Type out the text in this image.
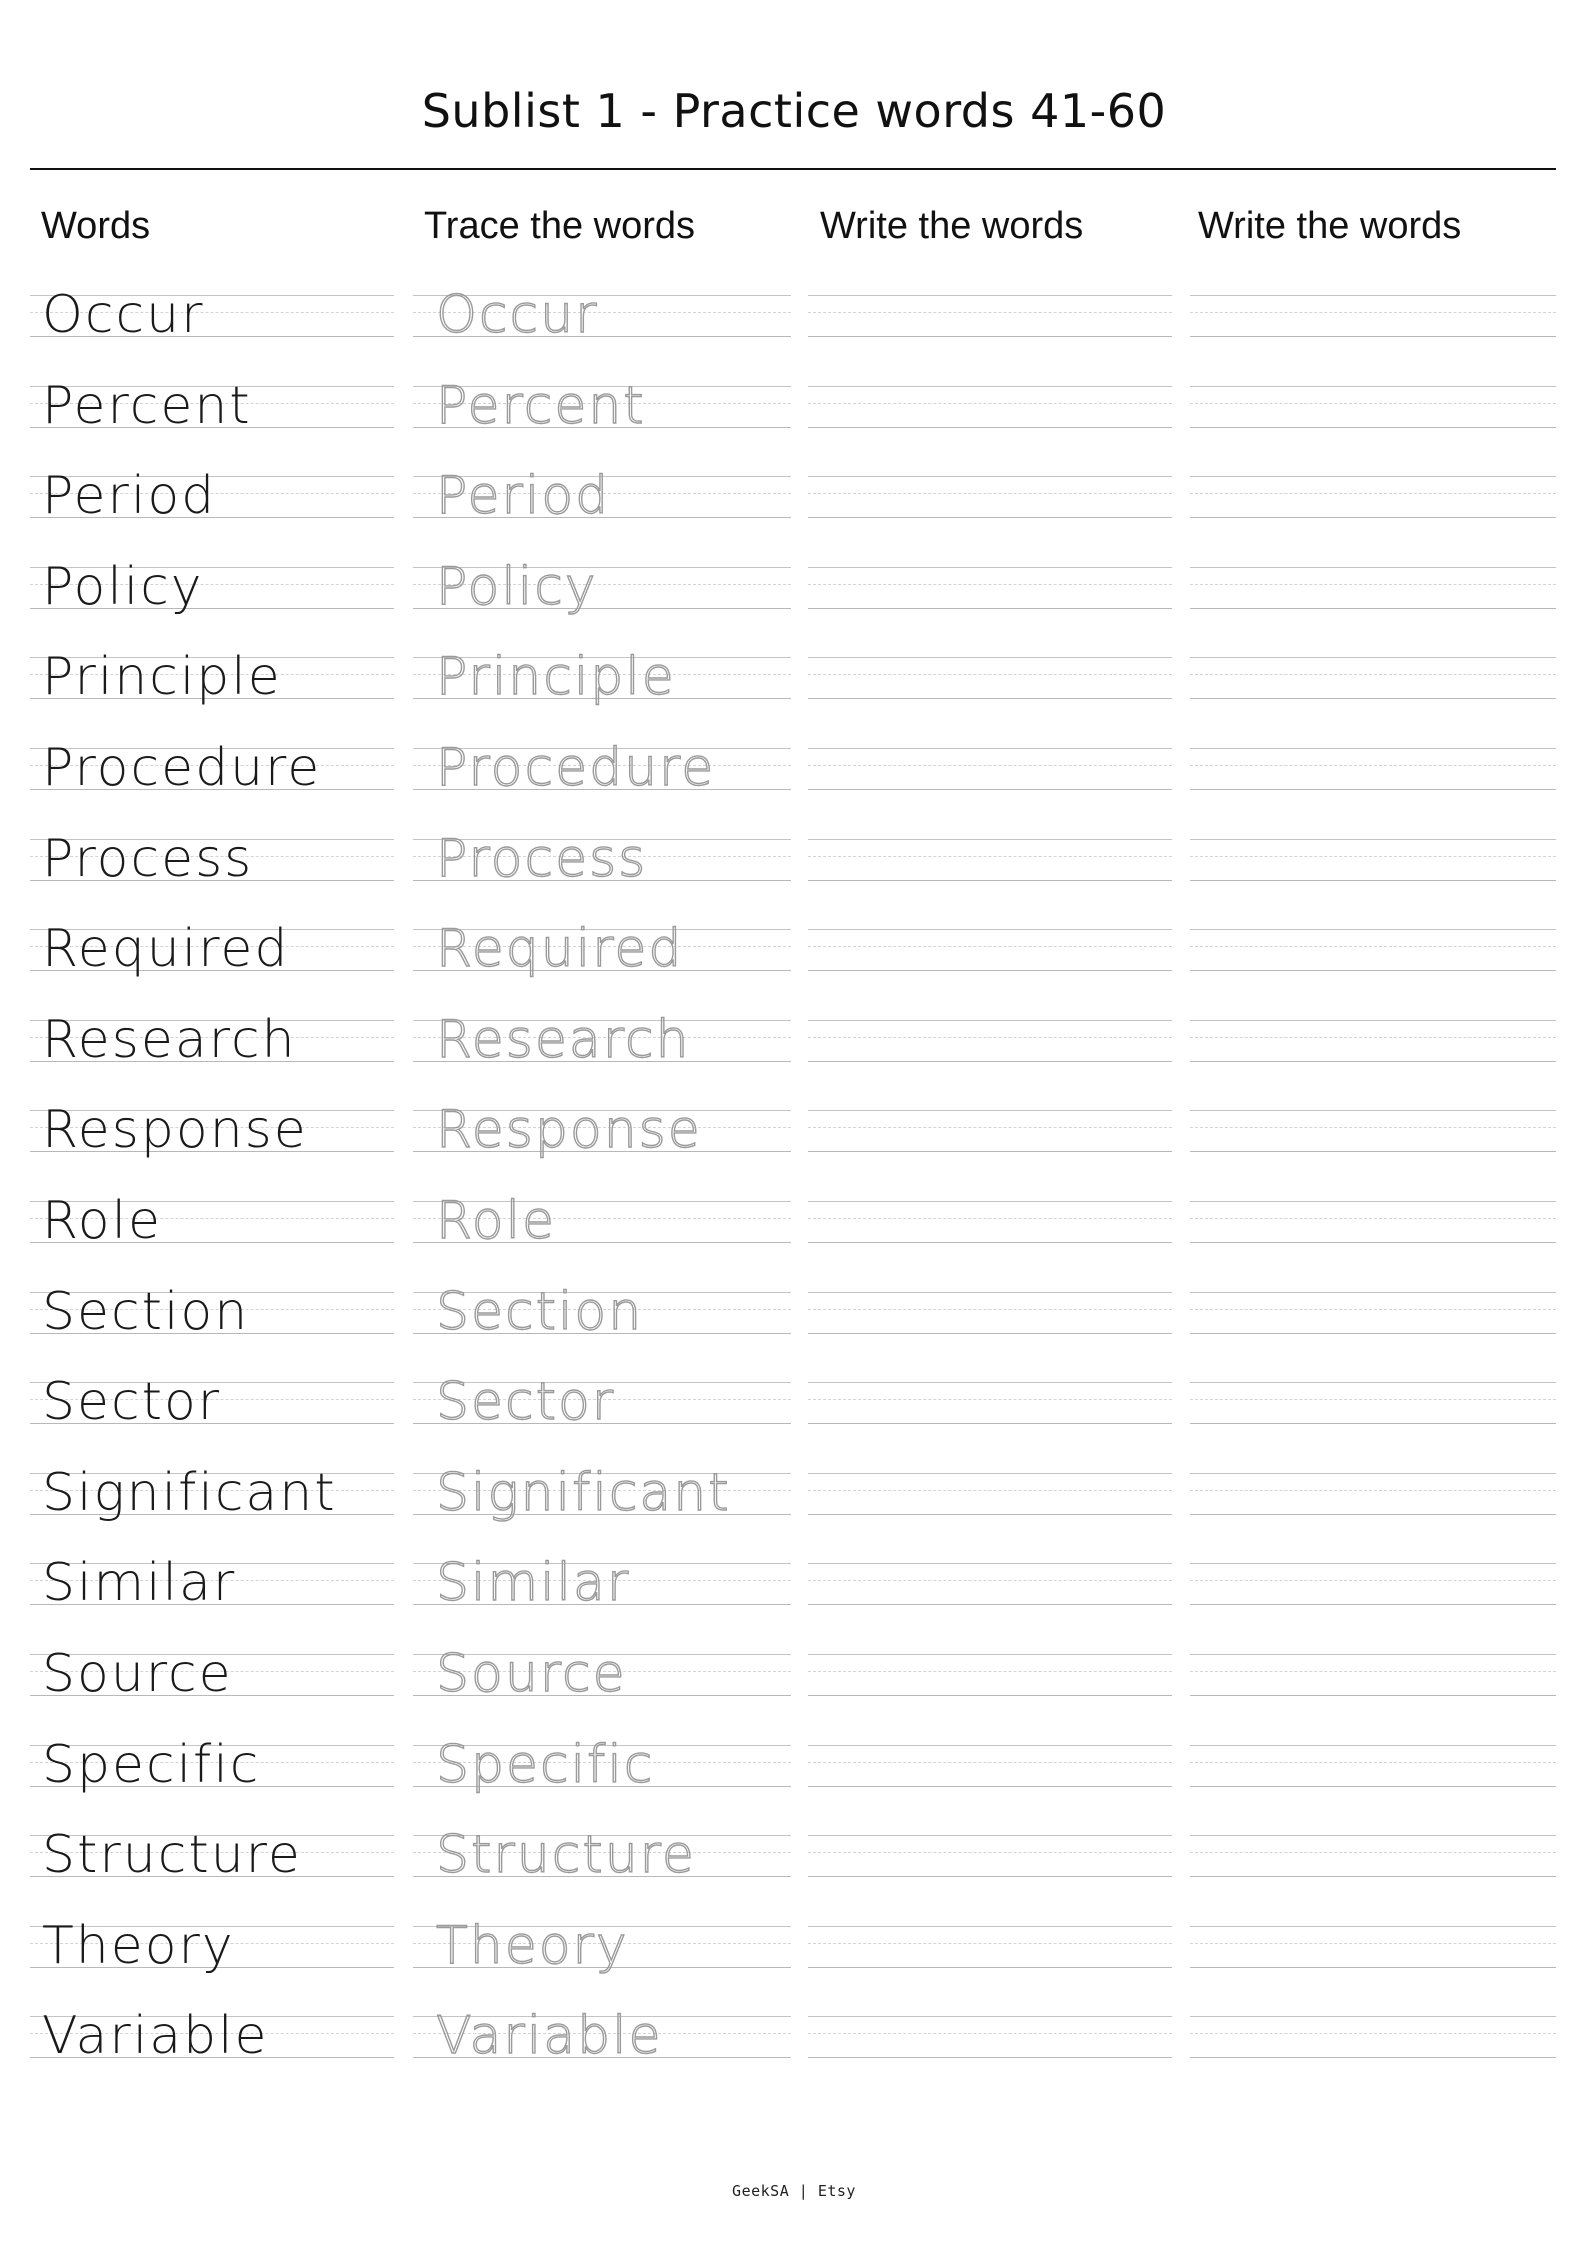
Sublist 1 - Practice words 41-60
Words	Trace the words	Write the words	Write the words
Occur	Occur
Percent	Percent
Period	Period
Policy	Policy
Principle	Principle
Procedure Procedure
Process	Process
Required	Required
Research	Research
Response Response
Role	Role
Section	Section
Sector	Sector
Significant Significant
Similar	Similar
Source	Source
Specific	Specific
Structure	Structure
Theory	Theory
Variable	Variable
GeekSA | Etsy
